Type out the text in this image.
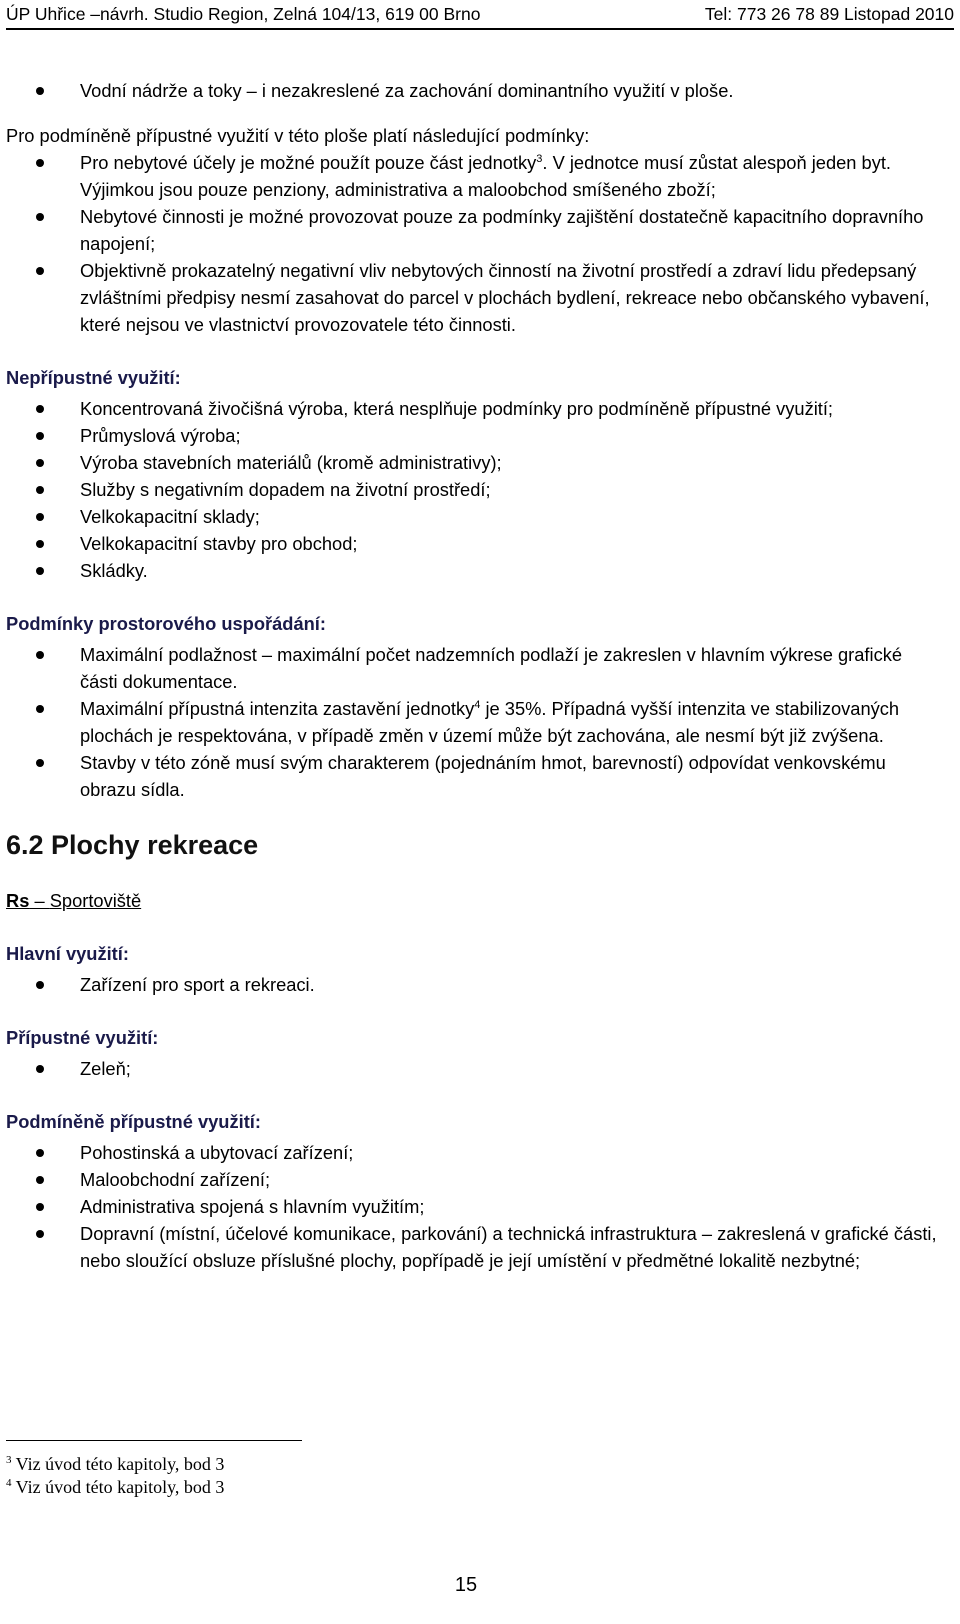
ÚP Uhřice –návrh. Studio Region, Zelná 104/13, 619 00 Brno	Tel: 773 26 78 89 Listopad 2010
Vodní nádrže a toky – i nezakreslené za zachování dominantního využití v ploše.

Pro podmíněně přípustné využití v této ploše platí následující podmínky:

Pro nebytové účely je možné použít pouze část jednotky$^3$. V jednotce musí zůstat alespoň jeden byt. Výjimkou jsou pouze penziony, administrativa a maloobchod smíšeného zboží;
Nebytové činnosti je možné provozovat pouze za podmínky zajištění dostatečně kapacitního dopravního napojení;
Objektivně prokazatelný negativní vliv nebytových činností na životní prostředí a zdraví lidu předepsaný zvláštními předpisy nesmí zasahovat do parcel v plochách bydlení, rekreace nebo občanského vybavení, které nejsou ve vlastnictví provozovatele této činnosti.

Nepřípustné využití:

Koncentrovaná živočišná výroba, která nesplňuje podmínky pro podmíněně přípustné využití;
Průmyslová výroba;
Výroba stavebních materiálů (kromě administrativy);
Služby s negativním dopadem na životní prostředí;
Velkokapacitní sklady;
Velkokapacitní stavby pro obchod;
Skládky.

Podmínky prostorového uspořádání:

Maximální podlažnost – maximální počet nadzemních podlaží je zakreslen v hlavním výkrese grafické části dokumentace.
Maximální přípustná intenzita zastavění jednotky$^4$ je 35%. Případná vyšší intenzita ve stabilizovaných plochách je respektována, v případě změn v území může být zachována, ale nesmí být již zvýšena.
Stavby v této zóně musí svým charakterem (pojednáním hmot, barevností) odpovídat venkovskému obrazu sídla.

6.2 Plochy rekreace

Rs – Sportoviště

Hlavní využití:

Zařízení pro sport a rekreaci.

Přípustné využití:

Zeleň;

Podmíněně přípustné využití:

Pohostinská a ubytovací zařízení;
Maloobchodní zařízení;
Administrativa spojená s hlavním využitím;
Dopravní (místní, účelové komunikace, parkování) a technická infrastruktura – zakreslená v grafické části, nebo sloužící obsluze příslušné plochy, popřípadě je její umístění v předmětné lokalitě nezbytné;
$^3$ Viz úvod této kapitoly, bod 3
$^4$ Viz úvod této kapitoly, bod 3
15
